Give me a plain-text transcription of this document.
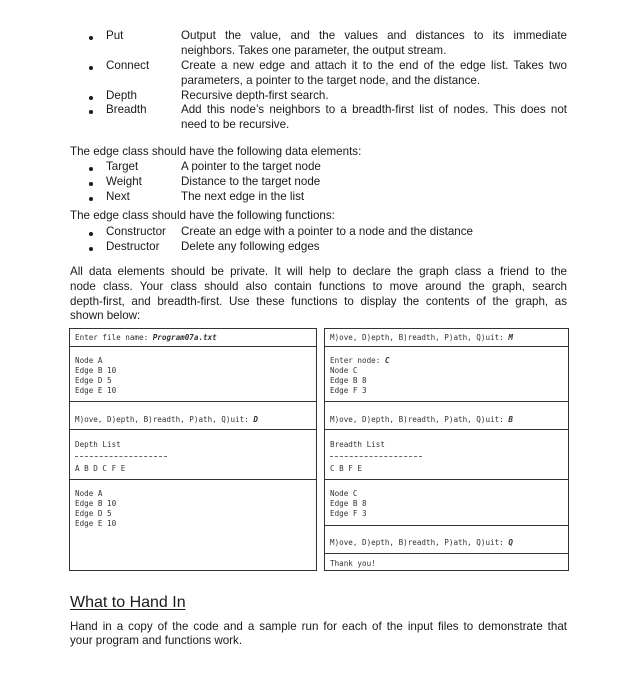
Put	Output the value, and the values and distances to its immediate
neighbors. Takes one parameter, the output stream.
Connect	Create a new edge and attach it to the end of the edge list. Takes two
parameters, a pointer to the target node, and the distance.
Depth	Recursive depth-first search.
Breadth	Add this node’s neighbors to a breadth-first list of nodes. This does not
need to be recursive.
The edge class should have the following data elements:
Target	A pointer to the target node
Weight	Distance to the target node
Next	The next edge in the list
The edge class should have the following functions:
Constructor Create an edge with a pointer to a node and the distance
Destructor Delete any following edges
All data elements should be private. It will help to declare the graph class a friend to the
node class. Your class should also contain functions to move around the graph, search
depth-first, and breadth-first. Use these functions to display the contents of the graph, as
shown below:
Enter file name: Program07a.txt
Node A
Edge B 10
Edge D 5
Edge E 10
M)ove, D)epth, B)readth, P)ath, Q)uit: D
Depth List
A B D C F E
Node A
Edge B 10
Edge D 5
Edge E 10
M)ove, D)epth, B)readth, P)ath, Q)uit: M
Enter node: C
Node C
Edge B 8
Edge F 3
M)ove, D)epth, B)readth, P)ath, Q)uit: B
Breadth List
C B F E
Node C
Edge B 8
Edge F 3
M)ove, D)epth, B)readth, P)ath, Q)uit: Q
Thank you!
What to Hand In
Hand in a copy of the code and a sample run for each of the input files to demonstrate that
your program and functions work.
